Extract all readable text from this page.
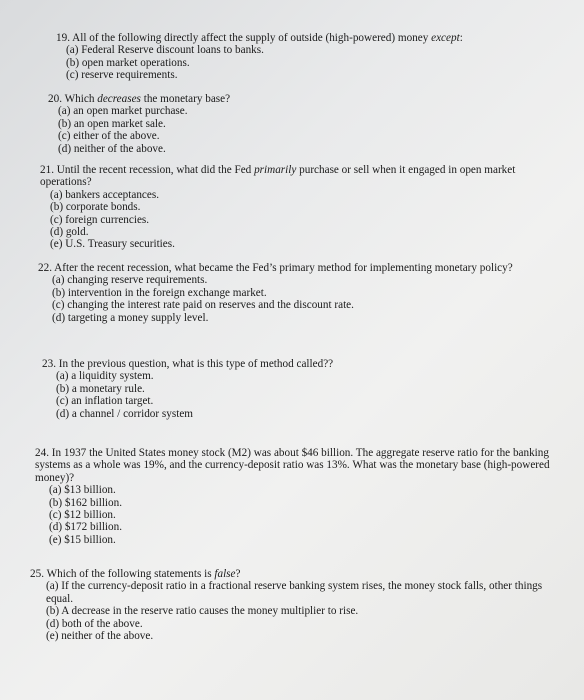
19. All of the following directly affect the supply of outside (high-powered) money except:

(a) Federal Reserve discount loans to banks.
(b) open market operations.
(c) reserve requirements.

20. Which decreases the monetary base?

(a) an open market purchase.
(b) an open market sale.
(c) either of the above.
(d) neither of the above.

21. Until the recent recession, what did the Fed primarily purchase or sell when it engaged in open market operations?

(a) bankers acceptances.
(b) corporate bonds.
(c) foreign currencies.
(d) gold.
(e) U.S. Treasury securities.

22. After the recent recession, what became the Fed’s primary method for implementing monetary policy?

(a) changing reserve requirements.
(b) intervention in the foreign exchange market.
(c) changing the interest rate paid on reserves and the discount rate.
(d) targeting a money supply level.

23. In the previous question, what is this type of method called??

(a) a liquidity system.
(b) a monetary rule.
(c) an inflation target.
(d) a channel / corridor system

24. In 1937 the United States money stock (M2) was about $46 billion. The aggregate reserve ratio for the banking systems as a whole was 19%, and the currency-deposit ratio was 13%. What was the monetary base (high-powered money)?

(a) $13 billion.
(b) $162 billion.
(c) $12 billion.
(d) $172 billion.
(e) $15 billion.

25. Which of the following statements is false?

(a) If the currency-deposit ratio in a fractional reserve banking system rises, the money stock falls, other things equal.
(b) A decrease in the reserve ratio causes the money multiplier to rise.
(d) both of the above.
(e) neither of the above.
